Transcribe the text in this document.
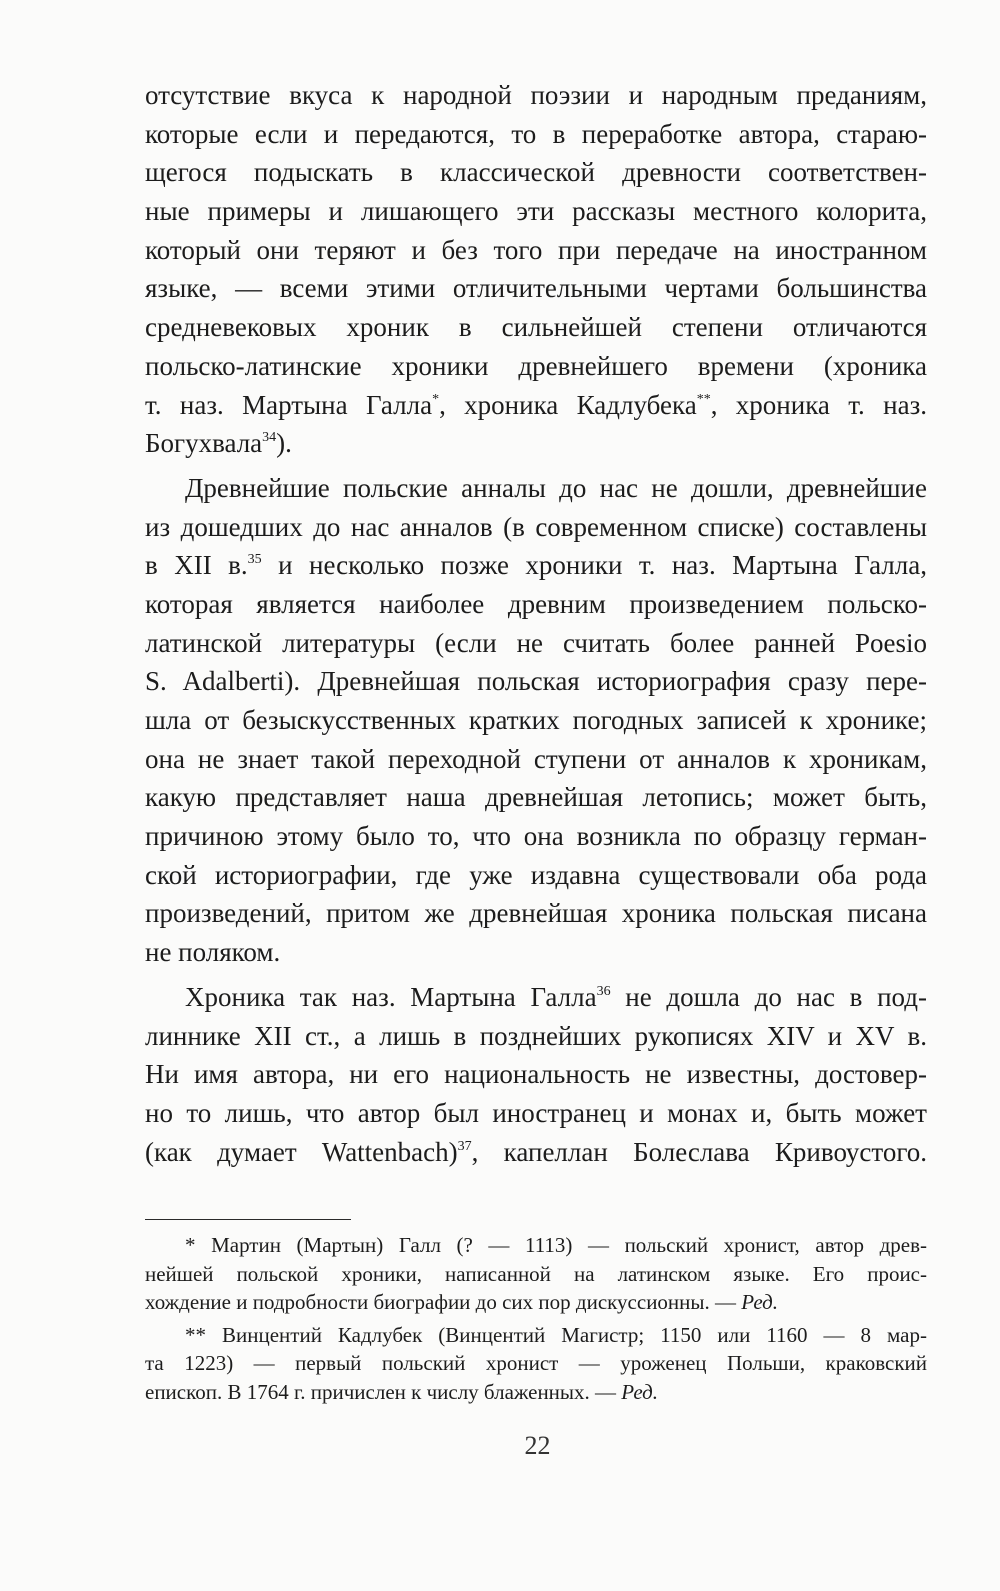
отсутствие вкуса к народной поэзии и народным преданиям,
которые если и передаются, то в переработке автора, стараю-
щегося подыскать в классической древности соответствен-
ные примеры и лишающего эти рассказы местного колорита,
который они теряют и без того при передаче на иностранном
языке, — всеми этими отличительными чертами большинства
средневековых хроник в сильнейшей степени отличаются
польско-латинские хроники древнейшего времени (хроника
т. наз. Мартына Галла*, хроника Кадлубека**, хроника т. наз.
Богухвала$^{34}$).
Древнейшие польские анналы до нас не дошли, древнейшие
из дошедших до нас анналов (в современном списке) составлены
в XII в.$^{35}$ и несколько позже хроники т. наз. Мартына Галла,
которая является наиболее древним произведением польско-
латинской литературы (если не считать более ранней Poesio
S. Adalberti). Древнейшая польская историография сразу пере-
шла от безыскусственных кратких погодных записей к хронике;
она не знает такой переходной ступени от анналов к хроникам,
какую представляет наша древнейшая летопись; может быть,
причиною этому было то, что она возникла по образцу герман-
ской историографии, где уже издавна существовали оба рода
произведений, притом же древнейшая хроника польская писана
не поляком.
Хроника так наз. Мартына Галла$^{36}$ не дошла до нас в под-
линнике XII ст., а лишь в позднейших рукописях XIV и XV в.
Ни имя автора, ни его национальность не известны, достовер-
но то лишь, что автор был иностранец и монах и, быть может
(как думает Wattenbach)$^{37}$, капеллан Болеслава Кривоустого.
* Мартин (Мартын) Галл (? — 1113) — польский хронист, автор древ-
нейшей польской хроники, написанной на латинском языке. Его проис-
хождение и подробности биографии до сих пор дискуссионны. — Ред.
** Винцентий Кадлубек (Винцентий Магистр; 1150 или 1160 — 8 мар-
та 1223) — первый польский хронист — уроженец Польши, краковский
епископ. В 1764 г. причислен к числу блаженных. — Ред.
22
